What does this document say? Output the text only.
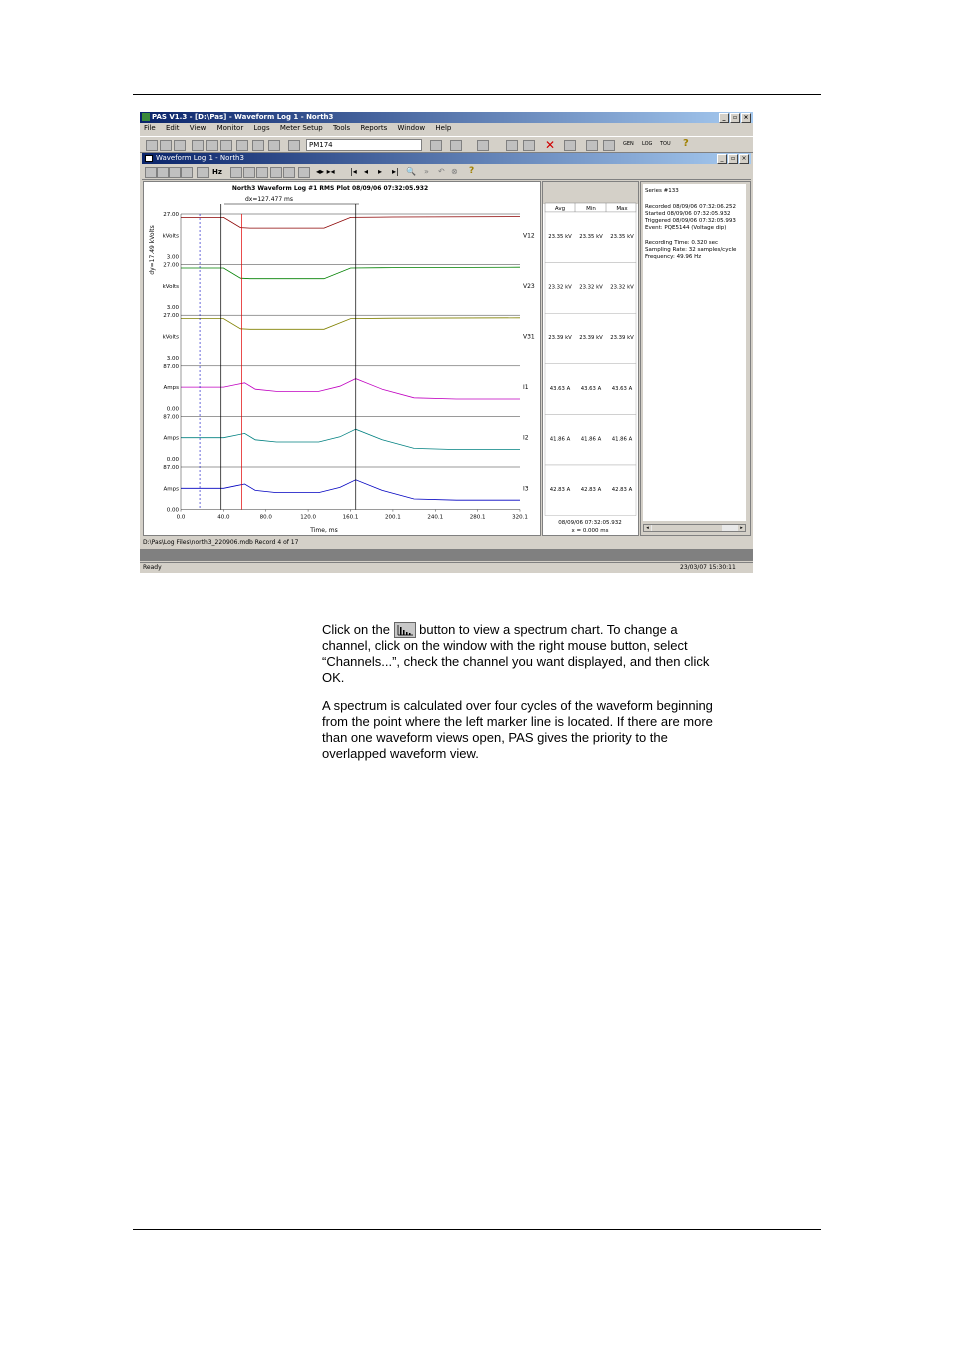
PAS V1.3 - [D:\Pas] - Waveform Log 1 - North3	_	▫	×
File Edit View Monitor Logs Meter Setup Tools Reports Window Help
PM174	✕	GEN LOG TOU ?
Waveform Log 1 - North3	_	▫	×
Hz	◂▸ ▸◂ |◂ ◂ ▸ ▸| 🔍 » ↶ ⊗ ?
North3 Waveform Log #1 RMS Plot 08/09/06 07:32:05.932
dx=127.477 ms
dy=17.49 kVolts
27.00
3.00
kVolts	V12
27.00
3.00
kVolts	V23
27.00
3.00
kVolts	V31
87.00
0.00
Amps	I1
87.00
0.00
Amps	I2
87.00
0.00
Amps	I3
0.0	40.0	80.0	120.0	160.1	200.1	240.1	280.1	320.1
Time, ms
Avg	Min	Max
23.35 kV 23.35 kV 23.35 kV
23.32 kV 23.32 kV 23.32 kV
23.39 kV 23.39 kV 23.39 kV
43.63 A 43.63 A 43.63 A
41.86 A 41.86 A 41.86 A
42.83 A 42.83 A 42.83 A
08/09/06 07:32:05.932
x = 0.000 ms
Series #133
Recorded 08/09/06 07:32:06.252
Started 08/09/06 07:32:05.932
Triggered 08/09/06 07:32:05.993
Event: PQE5144 (Voltage dip)
Recording Time: 0.320 sec
Sampling Rate: 32 samples/cycle
Frequency: 49.96 Hz
◂	▸
D:\Pas\Log Files\north3_220906.mdb Record 4 of 17
Ready	23/03/07 15:30:11

Click on the button to view a spectrum chart. To change a channel, click on the window with the right mouse button, select “Channels...”, check the channel you want displayed, and then click OK.

A spectrum is calculated over four cycles of the waveform beginning from the point where the left marker line is located. If there are more than one waveform views open, PAS gives the priority to the overlapped waveform view.
